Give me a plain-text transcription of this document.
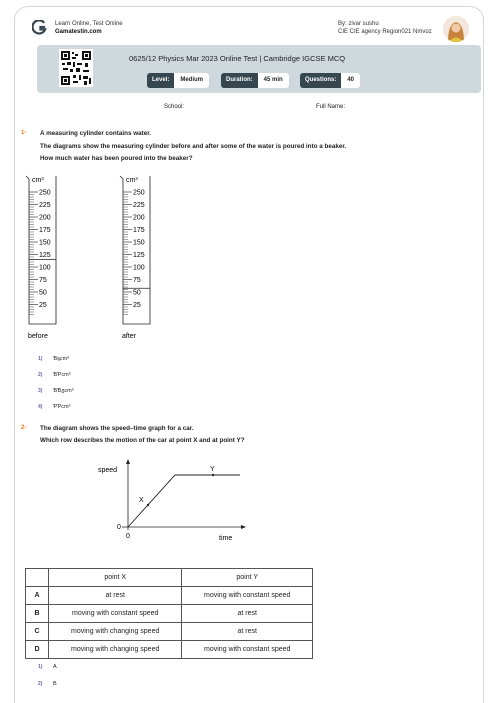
Learn Online, Test Online
Gamatestin.com
By: zivar sushu
CIE CIE agency Region021 Nmvoz
0625/12 Physics Mar 2023 Online Test | Cambridge IGCSE MCQ
Level:	Medium	Duration:	45 min	Questions:	40
School:	Full Name:
1- A measuring cylinder contains water.
The diagrams show the measuring cylinder before and after some of the water is poured into a beaker.
How much water has been poured into the beaker?
cm³
250
225
200
175
150
125
100
75
50
25
before
cm³
250
225
200
175
150
125
100
75
50
25
after
1) Ɓᶊcm³
2) ƁƤcm³
3) ƁƁᵹcm³
4) ƤƤcm³
2- The diagram shows the speed–time graph for a car.
Which row describes the motion of the car at point X and at point Y?
speed
0
0	time
X
Y
	point X	point Y
A	at rest	moving with constant speed
B	moving with constant speed	at rest
C	moving with changing speed	at rest
D	moving with changing speed	moving with constant speed
1) A
2) B
